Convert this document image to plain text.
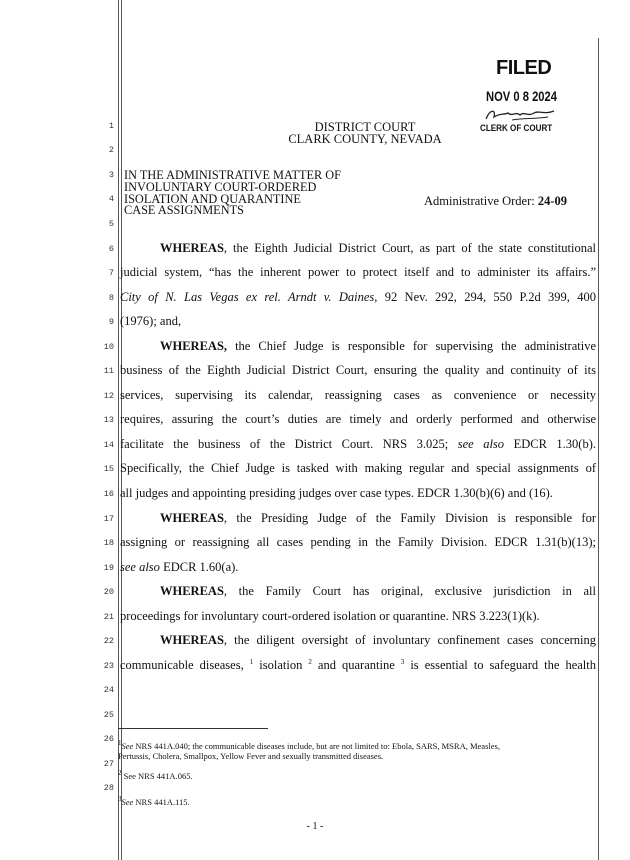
FILED
NOV 0 8 2024
CLERK OF COURT
DISTRICT COURT
CLARK COUNTY, NEVADA
IN THE ADMINISTRATIVE MATTER OF
INVOLUNTARY COURT-ORDERED
ISOLATION AND QUARANTINE
CASE ASSIGNMENTS
Administrative Order: 24-09
1
2
3
4
5
6
7
8
9
10
11
12
13
14
15
16
17
18
19
20
21
22
23
24
25
26
27
28
WHEREAS, the Eighth Judicial District Court, as part of the state constitutional
judicial system, “has the inherent power to protect itself and to administer its affairs.”
City of N. Las Vegas ex rel. Arndt v. Daines, 92 Nev. 292, 294, 550 P.2d 399, 400
(1976); and,
WHEREAS, the Chief Judge is responsible for supervising the administrative
business of the Eighth Judicial District Court, ensuring the quality and continuity of its
services, supervising its calendar, reassigning cases as convenience or necessity
requires, assuring the court’s duties are timely and orderly performed and otherwise
facilitate the business of the District Court. NRS 3.025; see also EDCR 1.30(b).
Specifically, the Chief Judge is tasked with making regular and special assignments of
all judges and appointing presiding judges over case types. EDCR 1.30(b)(6) and (16).
WHEREAS, the Presiding Judge of the Family Division is responsible for
assigning or reassigning all cases pending in the Family Division. EDCR 1.31(b)(13);
see also EDCR 1.60(a).
WHEREAS, the Family Court has original, exclusive jurisdiction in all
proceedings for involuntary court-ordered isolation or quarantine. NRS 3.223(1)(k).
WHEREAS, the diligent oversight of involuntary confinement cases concerning
communicable diseases, $^1$ isolation $^2$ and quarantine $^3$ is essential to safeguard the health
$^1$See NRS 441A.040; the communicable diseases include, but are not limited to: Ebola, SARS, MSRA, Measles,
Pertussis, Cholera, Smallpox, Yellow Fever and sexually transmitted diseases.
$^2$ See NRS 441A.065.
$^3$See NRS 441A.115.
- 1 -
